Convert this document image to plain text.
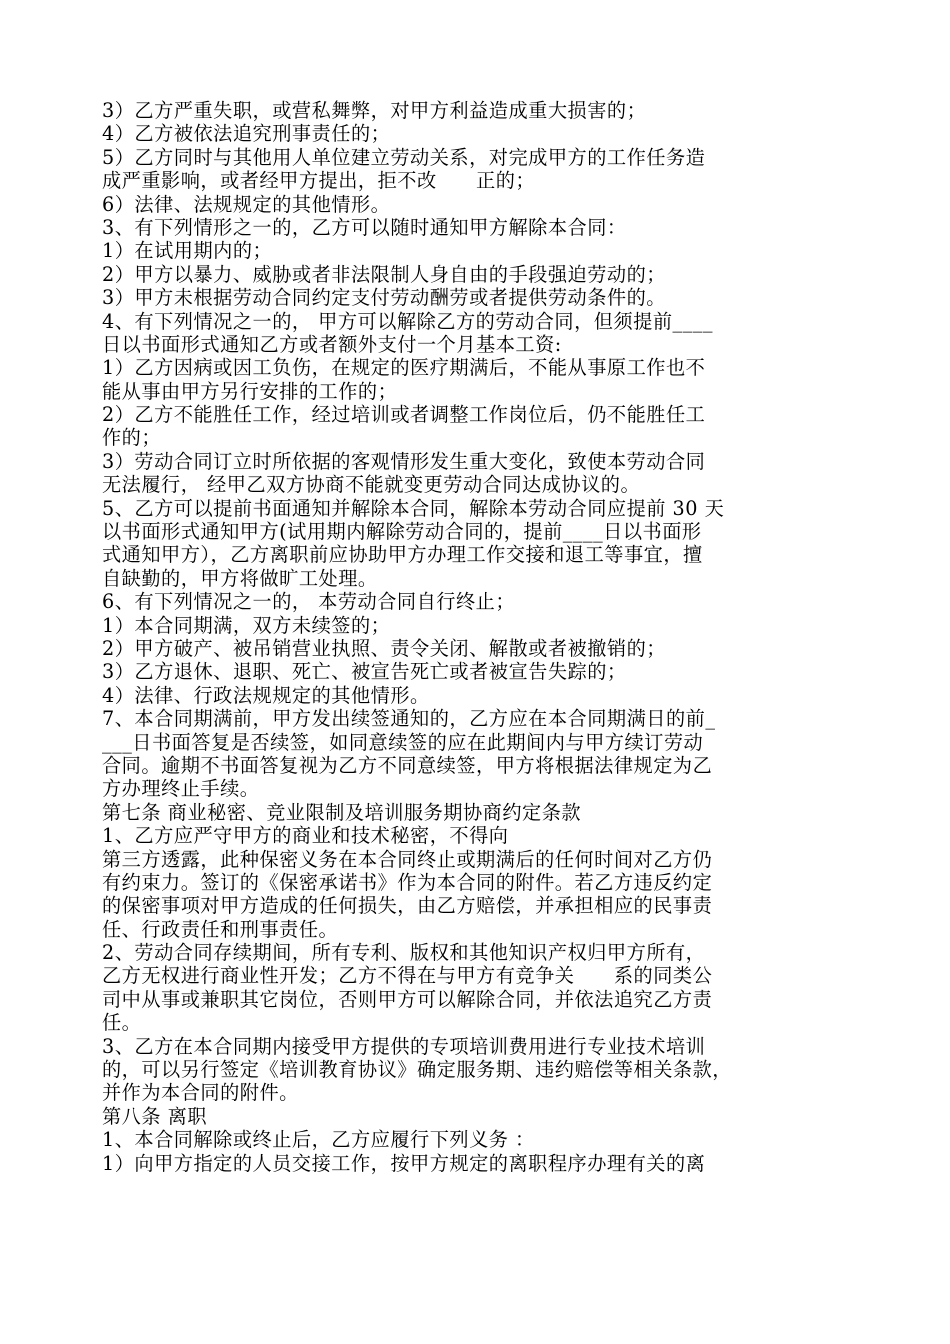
3）乙方严重失职，或营私舞弊，对甲方利益造成重大损害的；
4）乙方被依法追究刑事责任的；
5）乙方同时与其他用人单位建立劳动关系，对完成甲方的工作任务造
成严重影响，或者经甲方提出，拒不改　　正的；
6）法律、法规规定的其他情形。
3、有下列情形之一的，乙方可以随时通知甲方解除本合同：
1）在试用期内的；
2）甲方以暴力、威胁或者非法限制人身自由的手段强迫劳动的；
3）甲方未根据劳动合同约定支付劳动酬劳或者提供劳动条件的。
4、有下列情况之一的， 甲方可以解除乙方的劳动合同，但须提前____
日以书面形式通知乙方或者额外支付一个月基本工资:
1）乙方因病或因工负伤，在规定的医疗期满后，不能从事原工作也不
能从事由甲方另行安排的工作的；
2）乙方不能胜任工作，经过培训或者调整工作岗位后，仍不能胜任工
作的；
3）劳动合同订立时所依据的客观情形发生重大变化，致使本劳动合同
无法履行， 经甲乙双方协商不能就变更劳动合同达成协议的。
5、乙方可以提前书面通知并解除本合同，解除本劳动合同应提前 30 天
以书面形式通知甲方(试用期内解除劳动合同的，提前____日以书面形
式通知甲方），乙方离职前应协助甲方办理工作交接和退工等事宜，擅
自缺勤的，甲方将做旷工处理。
6、有下列情况之一的， 本劳动合同自行终止；
1）本合同期满，双方未续签的；
2）甲方破产、被吊销营业执照、责令关闭、解散或者被撤销的；
3）乙方退休、退职、死亡、被宣告死亡或者被宣告失踪的；
4）法律、行政法规规定的其他情形。
7、本合同期满前，甲方发出续签通知的，乙方应在本合同期满日的前_
___日书面答复是否续签，如同意续签的应在此期间内与甲方续订劳动
合同。逾期不书面答复视为乙方不同意续签，甲方将根据法律规定为乙
方办理终止手续。
第七条 商业秘密、竞业限制及培训服务期协商约定条款
1、乙方应严守甲方的商业和技术秘密，不得向
第三方透露，此种保密义务在本合同终止或期满后的任何时间对乙方仍
有约束力。签订的《保密承诺书》作为本合同的附件。若乙方违反约定
的保密事项对甲方造成的任何损失，由乙方赔偿，并承担相应的民事责
任、行政责任和刑事责任。
2、劳动合同存续期间，所有专利、版权和其他知识产权归甲方所有，
乙方无权进行商业性开发；乙方不得在与甲方有竞争关　　系的同类公
司中从事或兼职其它岗位，否则甲方可以解除合同，并依法追究乙方责
任。
3、乙方在本合同期内接受甲方提供的专项培训费用进行专业技术培训
的，可以另行签定《培训教育协议》确定服务期、违约赔偿等相关条款，
并作为本合同的附件。
第八条 离职
1、本合同解除或终止后，乙方应履行下列义务 ：
1）向甲方指定的人员交接工作，按甲方规定的离职程序办理有关的离
